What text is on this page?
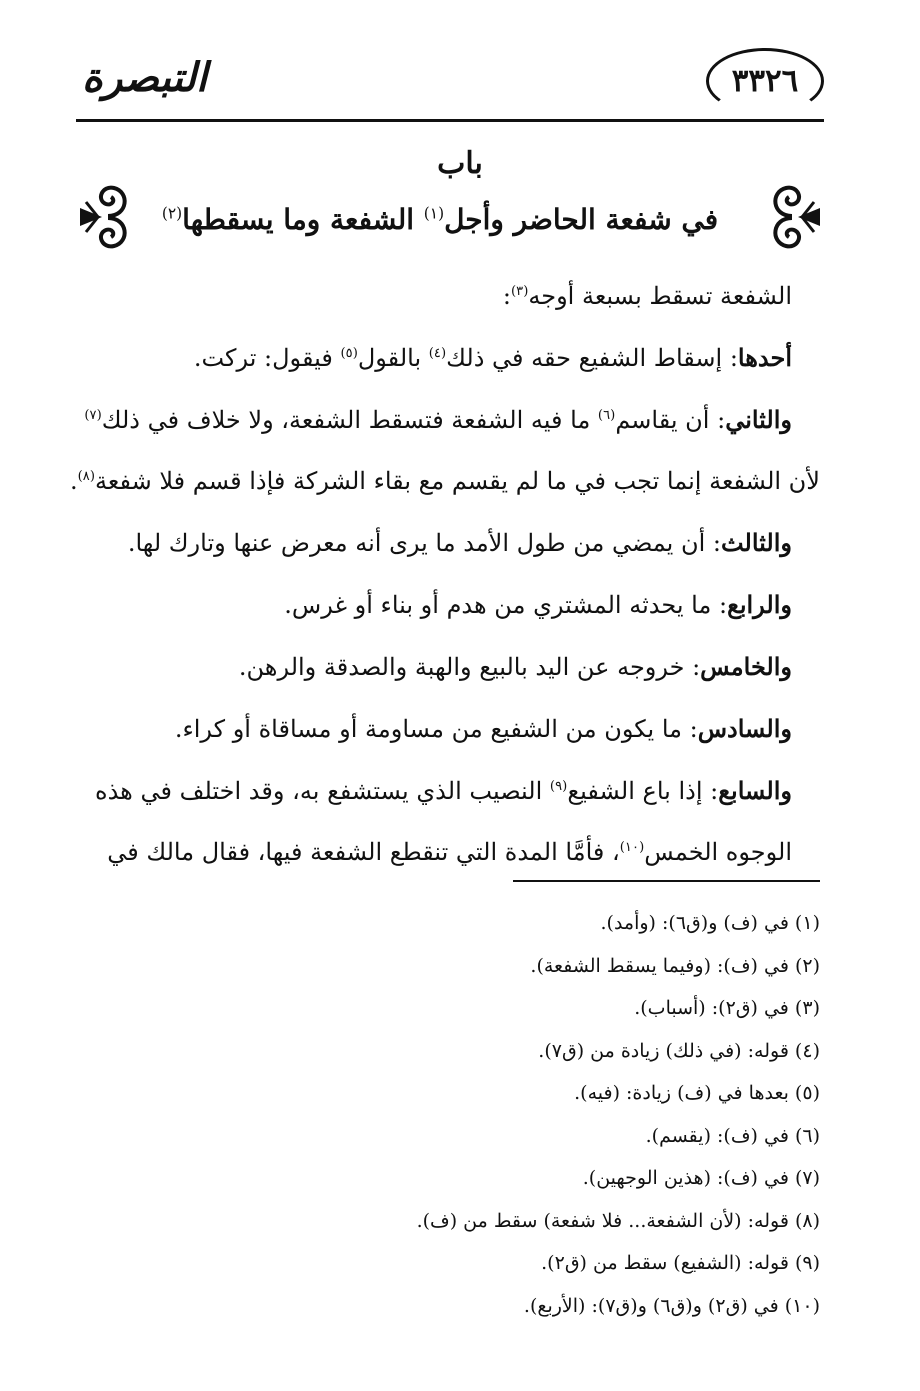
٣٣٢٦
التبصرة
باب
في شفعة الحاضر وأجل$^{(١)}$ الشفعة وما يسقطها$^{(٢)}$

الشفعة تسقط بسبعة أوجه$^{(٣)}$:

أحدها: إسقاط الشفيع حقه في ذلك$^{(٤)}$ بالقول$^{(٥)}$ فيقول: تركت.

والثاني: أن يقاسم$^{(٦)}$ ما فيه الشفعة فتسقط الشفعة، ولا خلاف في ذلك$^{(٧)}$

لأن الشفعة إنما تجب في ما لم يقسم مع بقاء الشركة فإذا قسم فلا شفعة$^{(٨)}$.

والثالث: أن يمضي من طول الأمد ما يرى أنه معرض عنها وتارك لها.

والرابع: ما يحدثه المشتري من هدم أو بناء أو غرس.

والخامس: خروجه عن اليد بالبيع والهبة والصدقة والرهن.

والسادس: ما يكون من الشفيع من مساومة أو مساقاة أو كراء.

والسابع: إذا باع الشفيع$^{(٩)}$ النصيب الذي يستشفع به، وقد اختلف في هذه الوجوه الخمس$^{(١٠)}$، فأمَّا المدة التي تنقطع الشفعة فيها، فقال مالك في

(١) في (ف) و(ق٦): (وأمد).
(٢) في (ف): (وفيما يسقط الشفعة).
(٣) في (ق٢): (أسباب).
(٤) قوله: (في ذلك) زيادة من (ق٧).
(٥) بعدها في (ف) زيادة: (فيه).
(٦) في (ف): (يقسم).
(٧) في (ف): (هذين الوجهين).
(٨) قوله: (لأن الشفعة... فلا شفعة) سقط من (ف).
(٩) قوله: (الشفيع) سقط من (ق٢).
(١٠) في (ق٢) و(ق٦) و(ق٧): (الأربع).
